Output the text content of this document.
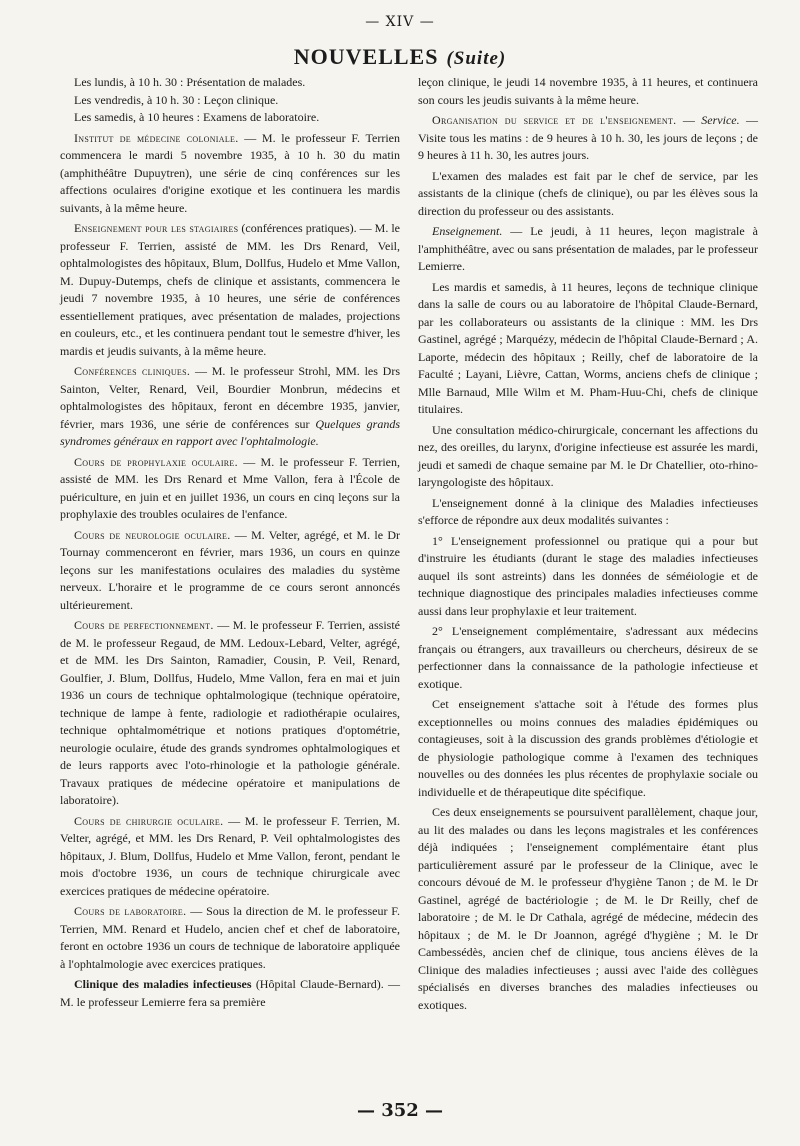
— XIV —
NOUVELLES (Suite)

Les lundis, à 10 h. 30 : Présentation de malades.

Les vendredis, à 10 h. 30 : Leçon clinique.

Les samedis, à 10 heures : Examens de laboratoire.

Institut de médecine coloniale. — M. le professeur F. Terrien commencera le mardi 5 novembre 1935, à 10 h. 30 du matin (amphithéâtre Dupuytren), une série de cinq conférences sur les affections oculaires d'origine exotique et les continuera les mardis suivants, à la même heure.

Enseignement pour les stagiaires (conférences pratiques). — M. le professeur F. Terrien, assisté de MM. les Drs Renard, Veil, ophtalmologistes des hôpitaux, Blum, Dollfus, Hudelo et Mme Vallon, M. Dupuy-Dutemps, chefs de clinique et assistants, commencera le jeudi 7 novembre 1935, à 10 heures, une série de conférences essentiellement pratiques, avec présentation de malades, projections en couleurs, etc., et les continuera pendant tout le semestre d'hiver, les mardis et jeudis suivants, à la même heure.

Conférences cliniques. — M. le professeur Strohl, MM. les Drs Sainton, Velter, Renard, Veil, Bourdier Monbrun, médecins et ophtalmologistes des hôpitaux, feront en décembre 1935, janvier, février, mars 1936, une série de conférences sur Quelques grands syndromes généraux en rapport avec l'ophtalmologie.

Cours de prophylaxie oculaire. — M. le professeur F. Terrien, assisté de MM. les Drs Renard et Mme Vallon, fera à l'École de puériculture, en juin et en juillet 1936, un cours en cinq leçons sur la prophylaxie des troubles oculaires de l'enfance.

Cours de neurologie oculaire. — M. Velter, agrégé, et M. le Dr Tournay commenceront en février, mars 1936, un cours en quinze leçons sur les manifestations oculaires des maladies du système nerveux. L'horaire et le programme de ce cours seront annoncés ultérieurement.

Cours de perfectionnement. — M. le professeur F. Terrien, assisté de M. le professeur Regaud, de MM. Ledoux-Lebard, Velter, agrégé, et de MM. les Drs Sainton, Ramadier, Cousin, P. Veil, Renard, Goulfier, J. Blum, Dollfus, Hudelo, Mme Vallon, fera en mai et juin 1936 un cours de technique ophtalmologique (technique opératoire, technique de lampe à fente, radiologie et radiothérapie oculaires, technique ophtalmométrique et notions pratiques d'optométrie, neurologie oculaire, étude des grands syndromes ophtalmologiques et de leurs rapports avec l'oto-rhinologie et la pathologie générale. Travaux pratiques de médecine opératoire et manipulations de laboratoire).

Cours de chirurgie oculaire. — M. le professeur F. Terrien, M. Velter, agrégé, et MM. les Drs Renard, P. Veil ophtalmologistes des hôpitaux, J. Blum, Dollfus, Hudelo et Mme Vallon, feront, pendant le mois d'octobre 1936, un cours de technique chirurgicale avec exercices pratiques de médecine opératoire.

Cours de laboratoire. — Sous la direction de M. le professeur F. Terrien, MM. Renard et Hudelo, ancien chef et chef de laboratoire, feront en octobre 1936 un cours de technique de laboratoire appliquée à l'ophtalmologie avec exercices pratiques.

Clinique des maladies infectieuses (Hôpital Claude-Bernard). — M. le professeur Lemierre fera sa première

leçon clinique, le jeudi 14 novembre 1935, à 11 heures, et continuera son cours les jeudis suivants à la même heure.

Organisation du service et de l'enseignement. — Service. — Visite tous les matins : de 9 heures à 10 h. 30, les jours de leçons ; de 9 heures à 11 h. 30, les autres jours.

L'examen des malades est fait par le chef de service, par les assistants de la clinique (chefs de clinique), ou par les élèves sous la direction du professeur ou des assistants.

Enseignement. — Le jeudi, à 11 heures, leçon magistrale à l'amphithéâtre, avec ou sans présentation de malades, par le professeur Lemierre.

Les mardis et samedis, à 11 heures, leçons de technique clinique dans la salle de cours ou au laboratoire de l'hôpital Claude-Bernard, par les collaborateurs ou assistants de la clinique : MM. les Drs Gastinel, agrégé ; Marquézy, médecin de l'hôpital Claude-Bernard ; A. Laporte, médecin des hôpitaux ; Reilly, chef de laboratoire de la Faculté ; Layani, Lièvre, Cattan, Worms, anciens chefs de clinique ; Mlle Barnaud, Mlle Wilm et M. Pham-Huu-Chi, chefs de clinique titulaires.

Une consultation médico-chirurgicale, concernant les affections du nez, des oreilles, du larynx, d'origine infectieuse est assurée les mardi, jeudi et samedi de chaque semaine par M. le Dr Chatellier, oto-rhino-laryngologiste des hôpitaux.

L'enseignement donné à la clinique des Maladies infectieuses s'efforce de répondre aux deux modalités suivantes :

1° L'enseignement professionnel ou pratique qui a pour but d'instruire les étudiants (durant le stage des maladies infectieuses auquel ils sont astreints) dans les données de séméiologie et de technique diagnostique des principales maladies infectieuses comme aussi dans leur prophylaxie et leur traitement.

2° L'enseignement complémentaire, s'adressant aux médecins français ou étrangers, aux travailleurs ou chercheurs, désireux de se perfectionner dans la connaissance de la pathologie infectieuse et exotique.

Cet enseignement s'attache soit à l'étude des formes plus exceptionnelles ou moins connues des maladies épidémiques ou contagieuses, soit à la discussion des grands problèmes d'étiologie et de physiologie pathologique comme à l'examen des techniques nouvelles ou des données les plus récentes de prophylaxie sociale ou individuelle et de thérapeutique dite spécifique.

Ces deux enseignements se poursuivent parallèlement, chaque jour, au lit des malades ou dans les leçons magistrales et les conférences déjà indiquées ; l'enseignement complémentaire étant plus particulièrement assuré par le professeur de la Clinique, avec le concours dévoué de M. le professeur d'hygiène Tanon ; de M. le Dr Gastinel, agrégé de bactériologie ; de M. le Dr Reilly, chef de laboratoire ; de M. le Dr Cathala, agrégé de médecine, médecin des hôpitaux ; de M. le Dr Joannon, agrégé d'hygiène ; M. le Dr Cambessédès, ancien chef de clinique, tous anciens élèves de la Clinique des maladies infectieuses ; aussi avec l'aide des collègues spécialisés en diverses branches des maladies infectieuses ou exotiques.

— 352 —
